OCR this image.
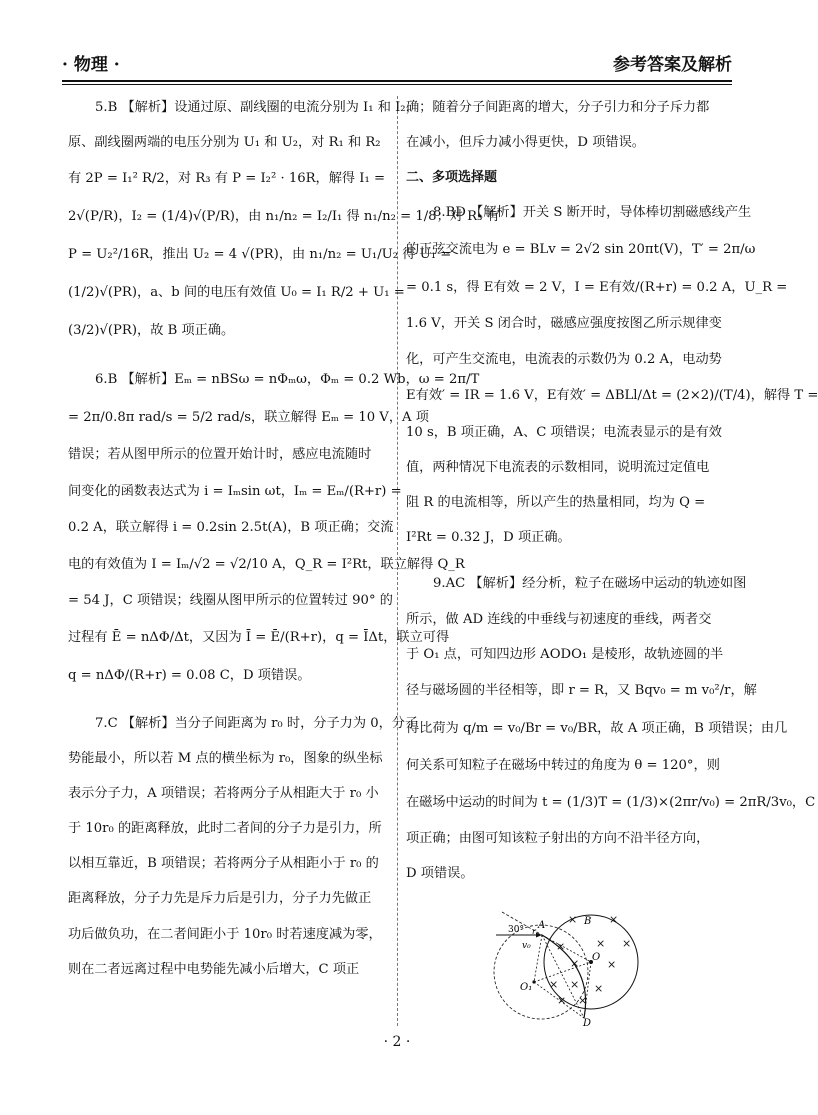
· 物理 ·	参考答案及解析
5.B 【解析】设通过原、副线圈的电流分别为 I₁ 和 I₂，
原、副线圈两端的电压分别为 U₁ 和 U₂，对 R₁ 和 R₂
有 2P = I₁² R/2，对 R₃ 有 P = I₂² · 16R，解得 I₁ =
2√(P/R)，I₂ = (1/4)√(P/R)，由 n₁/n₂ = I₂/I₁ 得 n₁/n₂ = 1/8；对 R₃ 有
P = U₂²/16R，推出 U₂ = 4 √(PR)，由 n₁/n₂ = U₁/U₂ 得 U₁ =
(1/2)√(PR)，a、b 间的电压有效值 U₀ = I₁ R/2 + U₁ =
(3/2)√(PR)，故 B 项正确。
6.B 【解析】Eₘ = nBSω = nΦₘω，Φₘ = 0.2 Wb，ω = 2π/T
= 2π/0.8π rad/s = 5/2 rad/s，联立解得 Eₘ = 10 V，A 项
错误；若从图甲所示的位置开始计时，感应电流随时
间变化的函数表达式为 i = Iₘsin ωt，Iₘ = Eₘ/(R+r) =
0.2 A，联立解得 i = 0.2sin 2.5t(A)，B 项正确；交流
电的有效值为 I = Iₘ/√2 = √2/10 A，Q_R = I²Rt，联立解得 Q_R
= 54 J，C 项错误；线圈从图甲所示的位置转过 90° 的
过程有 Ē = nΔΦ/Δt，又因为 Ī = Ē/(R+r)，q = ĪΔt，联立可得
q = nΔΦ/(R+r) = 0.08 C，D 项错误。
7.C 【解析】当分子间距离为 r₀ 时，分子力为 0，分子
势能最小，所以若 M 点的横坐标为 r₀，图象的纵坐标
表示分子力，A 项错误；若将两分子从相距大于 r₀ 小
于 10r₀ 的距离释放，此时二者间的分子力是引力，所
以相互靠近，B 项错误；若将两分子从相距小于 r₀ 的
距离释放，分子力先是斥力后是引力，分子力先做正
功后做负功，在二者间距小于 10r₀ 时若速度减为零，
则在二者远离过程中电势能先减小后增大，C 项正
确；随着分子间距离的增大，分子引力和分子斥力都
在减小，但斥力减小得更快，D 项错误。
二、多项选择题
8.BD 【解析】开关 S 断开时，导体棒切割磁感线产生
的正弦交流电为 e = BLv = 2√2 sin 20πt(V)，T′ = 2π/ω
= 0.1 s，得 E有效 = 2 V，I = E有效/(R+r) = 0.2 A，U_R =
1.6 V，开关 S 闭合时，磁感应强度按图乙所示规律变
化，可产生交流电，电流表的示数仍为 0.2 A，电动势
E有效′ = IR = 1.6 V，E有效′ = ΔBLl/Δt = (2×2)/(T/4)，解得 T =
10 s，B 项正确，A、C 项错误；电流表显示的是有效
值，两种情况下电流表的示数相同，说明流过定值电
阻 R 的电流相等，所以产生的热量相同，均为 Q =
I²Rt = 0.32 J，D 项正确。
9.AC 【解析】经分析，粒子在磁场中运动的轨迹如图
所示，做 AD 连线的中垂线与初速度的垂线，两者交
于 O₁ 点，可知四边形 AODO₁ 是棱形，故轨迹圆的半
径与磁场圆的半径相等，即 r = R，又 Bqv₀ = m v₀²/r，解
得比荷为 q/m = v₀/Br = v₀/BR，故 A 项正确，B 项错误；由几
何关系可知粒子在磁场中转过的角度为 θ = 120°，则
在磁场中运动的时间为 t = (1/3)T = (1/3)×(2πr/v₀) = 2πR/3v₀，C
项正确；由图可知该粒子射出的方向不沿半径方向，
D 项错误。
×	×
×	× ×
×	×
× × ×
× ×
30° r
A
v₀
B
O
O₁
D
· 2 ·
